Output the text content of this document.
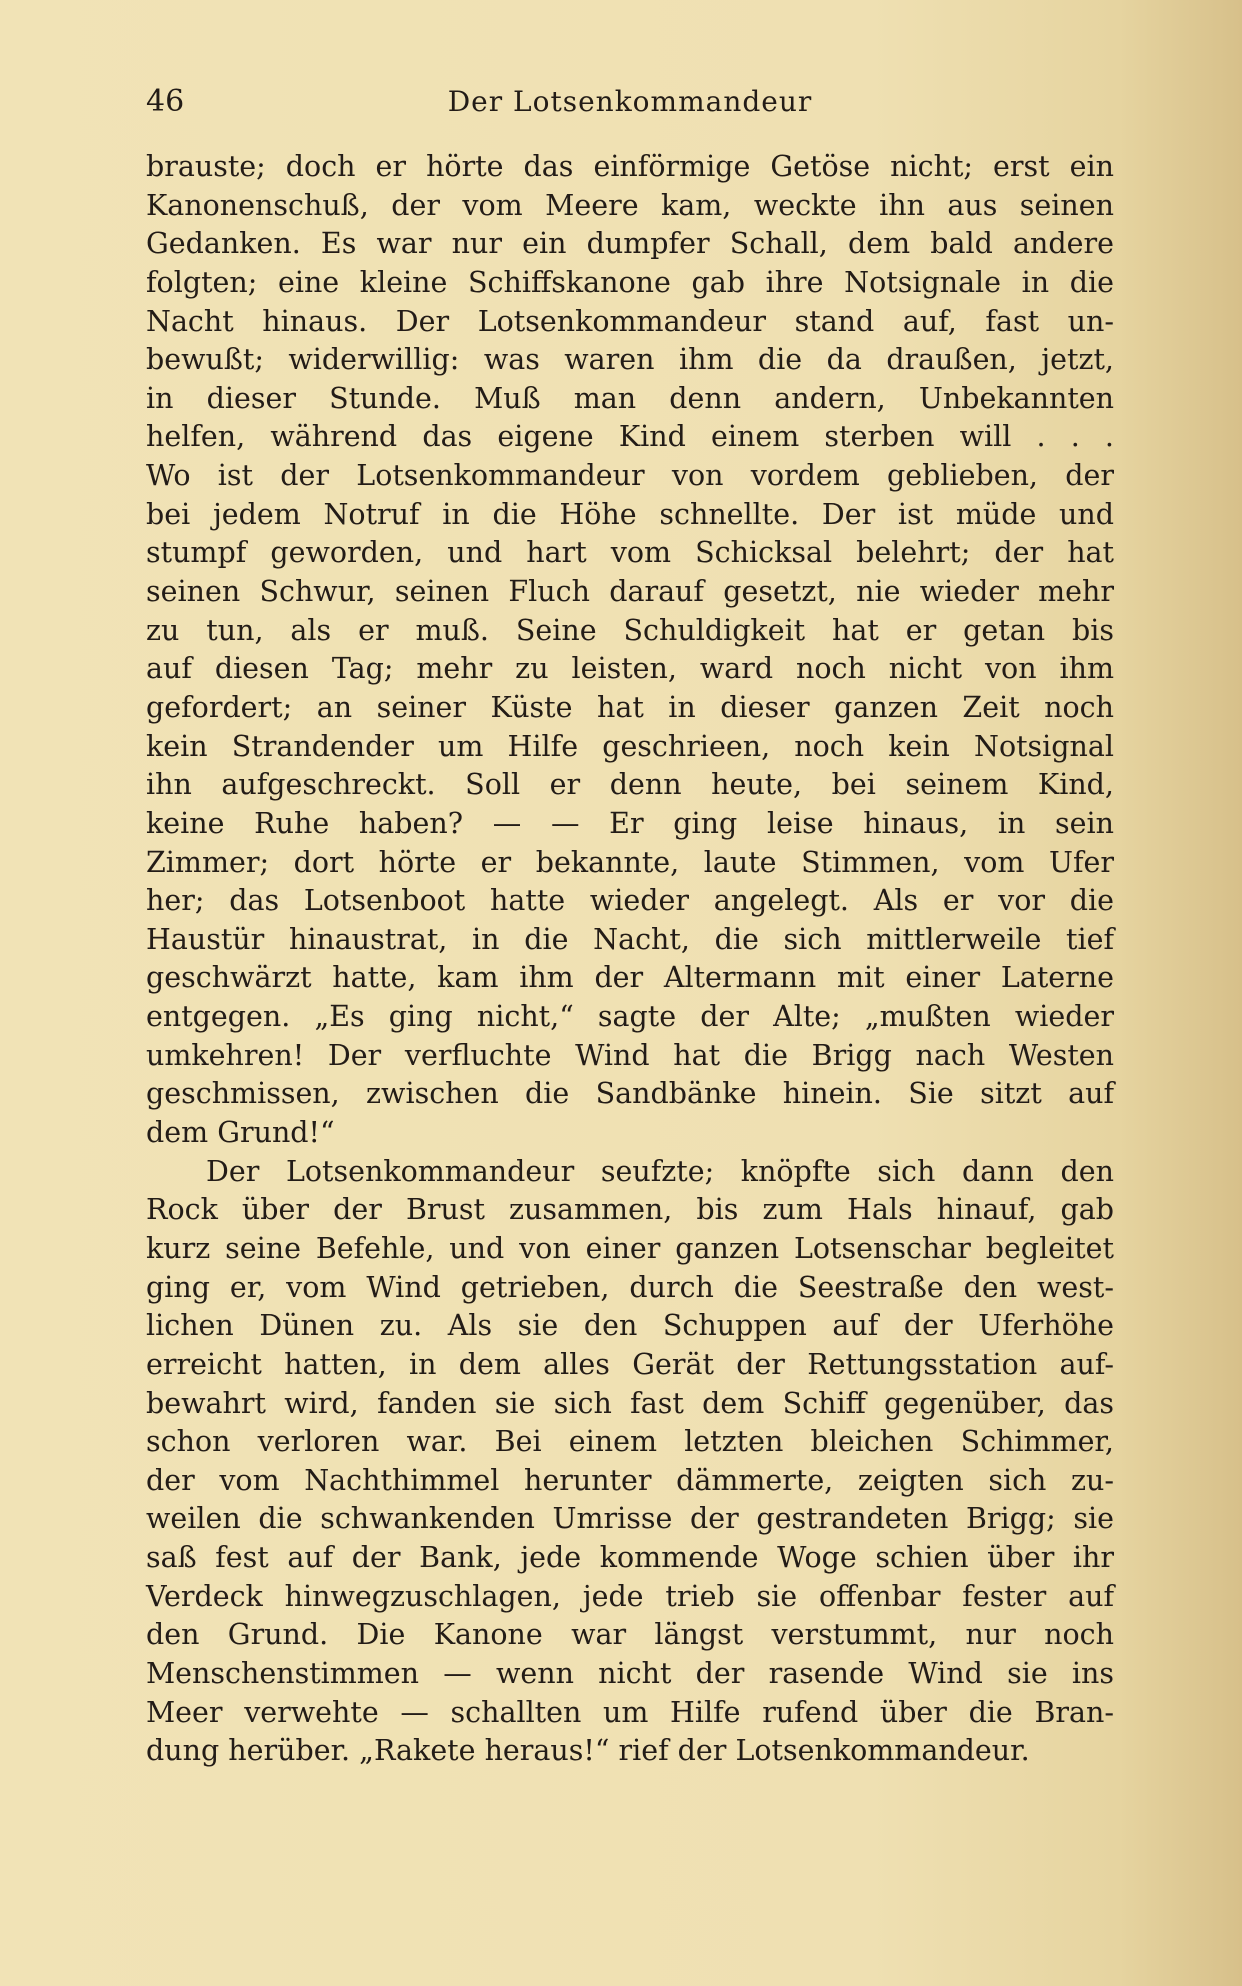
46	Der Lotsenkommandeur
brauste; doch er hörte das einförmige Getöse nicht; erst ein
Kanonenschuß, der vom Meere kam, weckte ihn aus seinen
Gedanken. Es war nur ein dumpfer Schall, dem bald andere
folgten; eine kleine Schiffskanone gab ihre Notsignale in die
Nacht hinaus. Der Lotsenkommandeur stand auf, fast un-
bewußt; widerwillig: was waren ihm die da draußen, jetzt,
in dieser Stunde. Muß man denn andern, Unbekannten
helfen, während das eigene Kind einem sterben will . . .
Wo ist der Lotsenkommandeur von vordem geblieben, der
bei jedem Notruf in die Höhe schnellte. Der ist müde und
stumpf geworden, und hart vom Schicksal belehrt; der hat
seinen Schwur, seinen Fluch darauf gesetzt, nie wieder mehr
zu tun, als er muß. Seine Schuldigkeit hat er getan bis
auf diesen Tag; mehr zu leisten, ward noch nicht von ihm
gefordert; an seiner Küste hat in dieser ganzen Zeit noch
kein Strandender um Hilfe geschrieen, noch kein Notsignal
ihn aufgeschreckt. Soll er denn heute, bei seinem Kind,
keine Ruhe haben? — — Er ging leise hinaus, in sein
Zimmer; dort hörte er bekannte, laute Stimmen, vom Ufer
her; das Lotsenboot hatte wieder angelegt. Als er vor die
Haustür hinaustrat, in die Nacht, die sich mittlerweile tief
geschwärzt hatte, kam ihm der Altermann mit einer Laterne
entgegen. „Es ging nicht,“ sagte der Alte; „mußten wieder
umkehren! Der verfluchte Wind hat die Brigg nach Westen
geschmissen, zwischen die Sandbänke hinein. Sie sitzt auf
dem Grund!“
Der Lotsenkommandeur seufzte; knöpfte sich dann den
Rock über der Brust zusammen, bis zum Hals hinauf, gab
kurz seine Befehle, und von einer ganzen Lotsenschar begleitet
ging er, vom Wind getrieben, durch die Seestraße den west-
lichen Dünen zu. Als sie den Schuppen auf der Uferhöhe
erreicht hatten, in dem alles Gerät der Rettungsstation auf-
bewahrt wird, fanden sie sich fast dem Schiff gegenüber, das
schon verloren war. Bei einem letzten bleichen Schimmer,
der vom Nachthimmel herunter dämmerte, zeigten sich zu-
weilen die schwankenden Umrisse der gestrandeten Brigg; sie
saß fest auf der Bank, jede kommende Woge schien über ihr
Verdeck hinwegzuschlagen, jede trieb sie offenbar fester auf
den Grund. Die Kanone war längst verstummt, nur noch
Menschenstimmen — wenn nicht der rasende Wind sie ins
Meer verwehte — schallten um Hilfe rufend über die Bran-
dung herüber. „Rakete heraus!“ rief der Lotsenkommandeur.
